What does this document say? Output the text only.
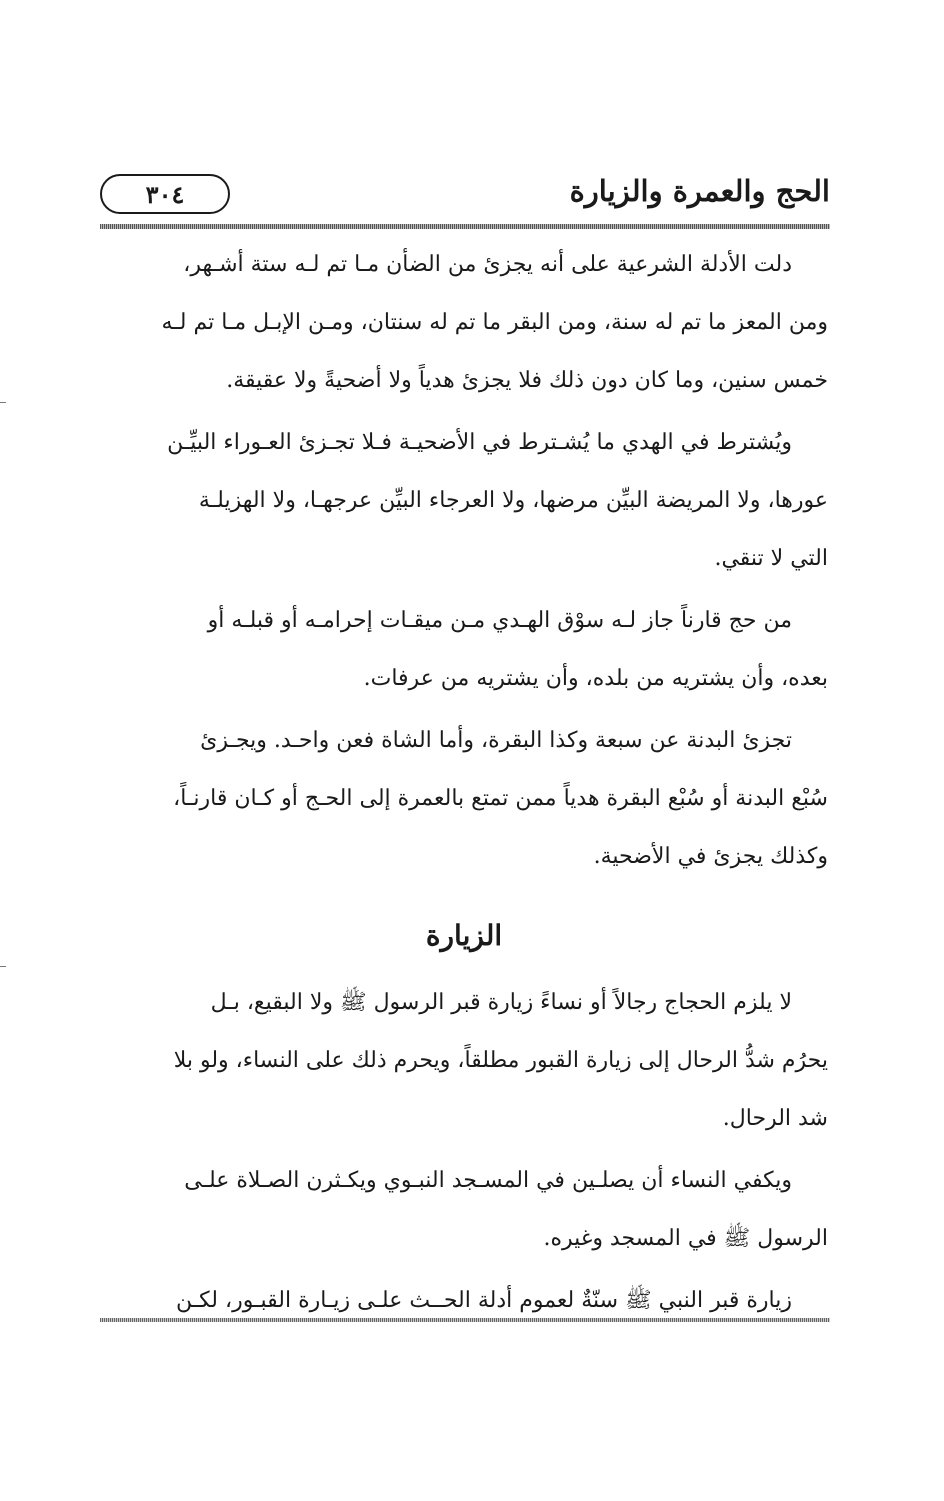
الحج والعمرة والزيارة
٣٠٤
دلت الأدلة الشرعية على أنه يجزئ من الضأن مـا تم لـه ستة أشـهر،
ومن المعز ما تم له سنة، ومن البقر ما تم له سنتان، ومـن الإبـل مـا تم لـه
خمس سنين، وما كان دون ذلك فلا يجزئ هدياً ولا أضحيةً ولا عقيقة.
ويُشترط في الهدي ما يُشـترط في الأضحيـة فـلا تجـزئ العـوراء البيِّـن
عورها، ولا المريضة البيِّن مرضها، ولا العرجاء البيِّن عرجهـا، ولا الهزيلـة
التي لا تنقي.
من حج قارناً جاز لـه سوْق الهـدي مـن ميقـات إحرامـه أو قبلـه أو
بعده، وأن يشتريه من بلده، وأن يشتريه من عرفات.
تجزئ البدنة عن سبعة وكذا البقرة، وأما الشاة فعن واحـد. ويجـزئ
سُبْع البدنة أو سُبْع البقرة هدياً ممن تمتع بالعمرة إلى الحـج أو كـان قارنـاً،
وكذلك يجزئ في الأضحية.
الزيارة
لا يلزم الحجاج رجالاً أو نساءً زيارة قبر الرسول ﷺ ولا البقيع، بـل
يحرُم شدُّ الرحال إلى زيارة القبور مطلقاً، ويحرم ذلك على النساء، ولو بلا
شد الرحال.
ويكفي النساء أن يصلـين في المسـجد النبـوي ويكـثرن الصـلاة علـى
الرسول ﷺ في المسجد وغيره.
زيارة قبر النبي ﷺ سنّةٌ لعموم أدلة الحــث علـى زيـارة القبـور، لكـن
